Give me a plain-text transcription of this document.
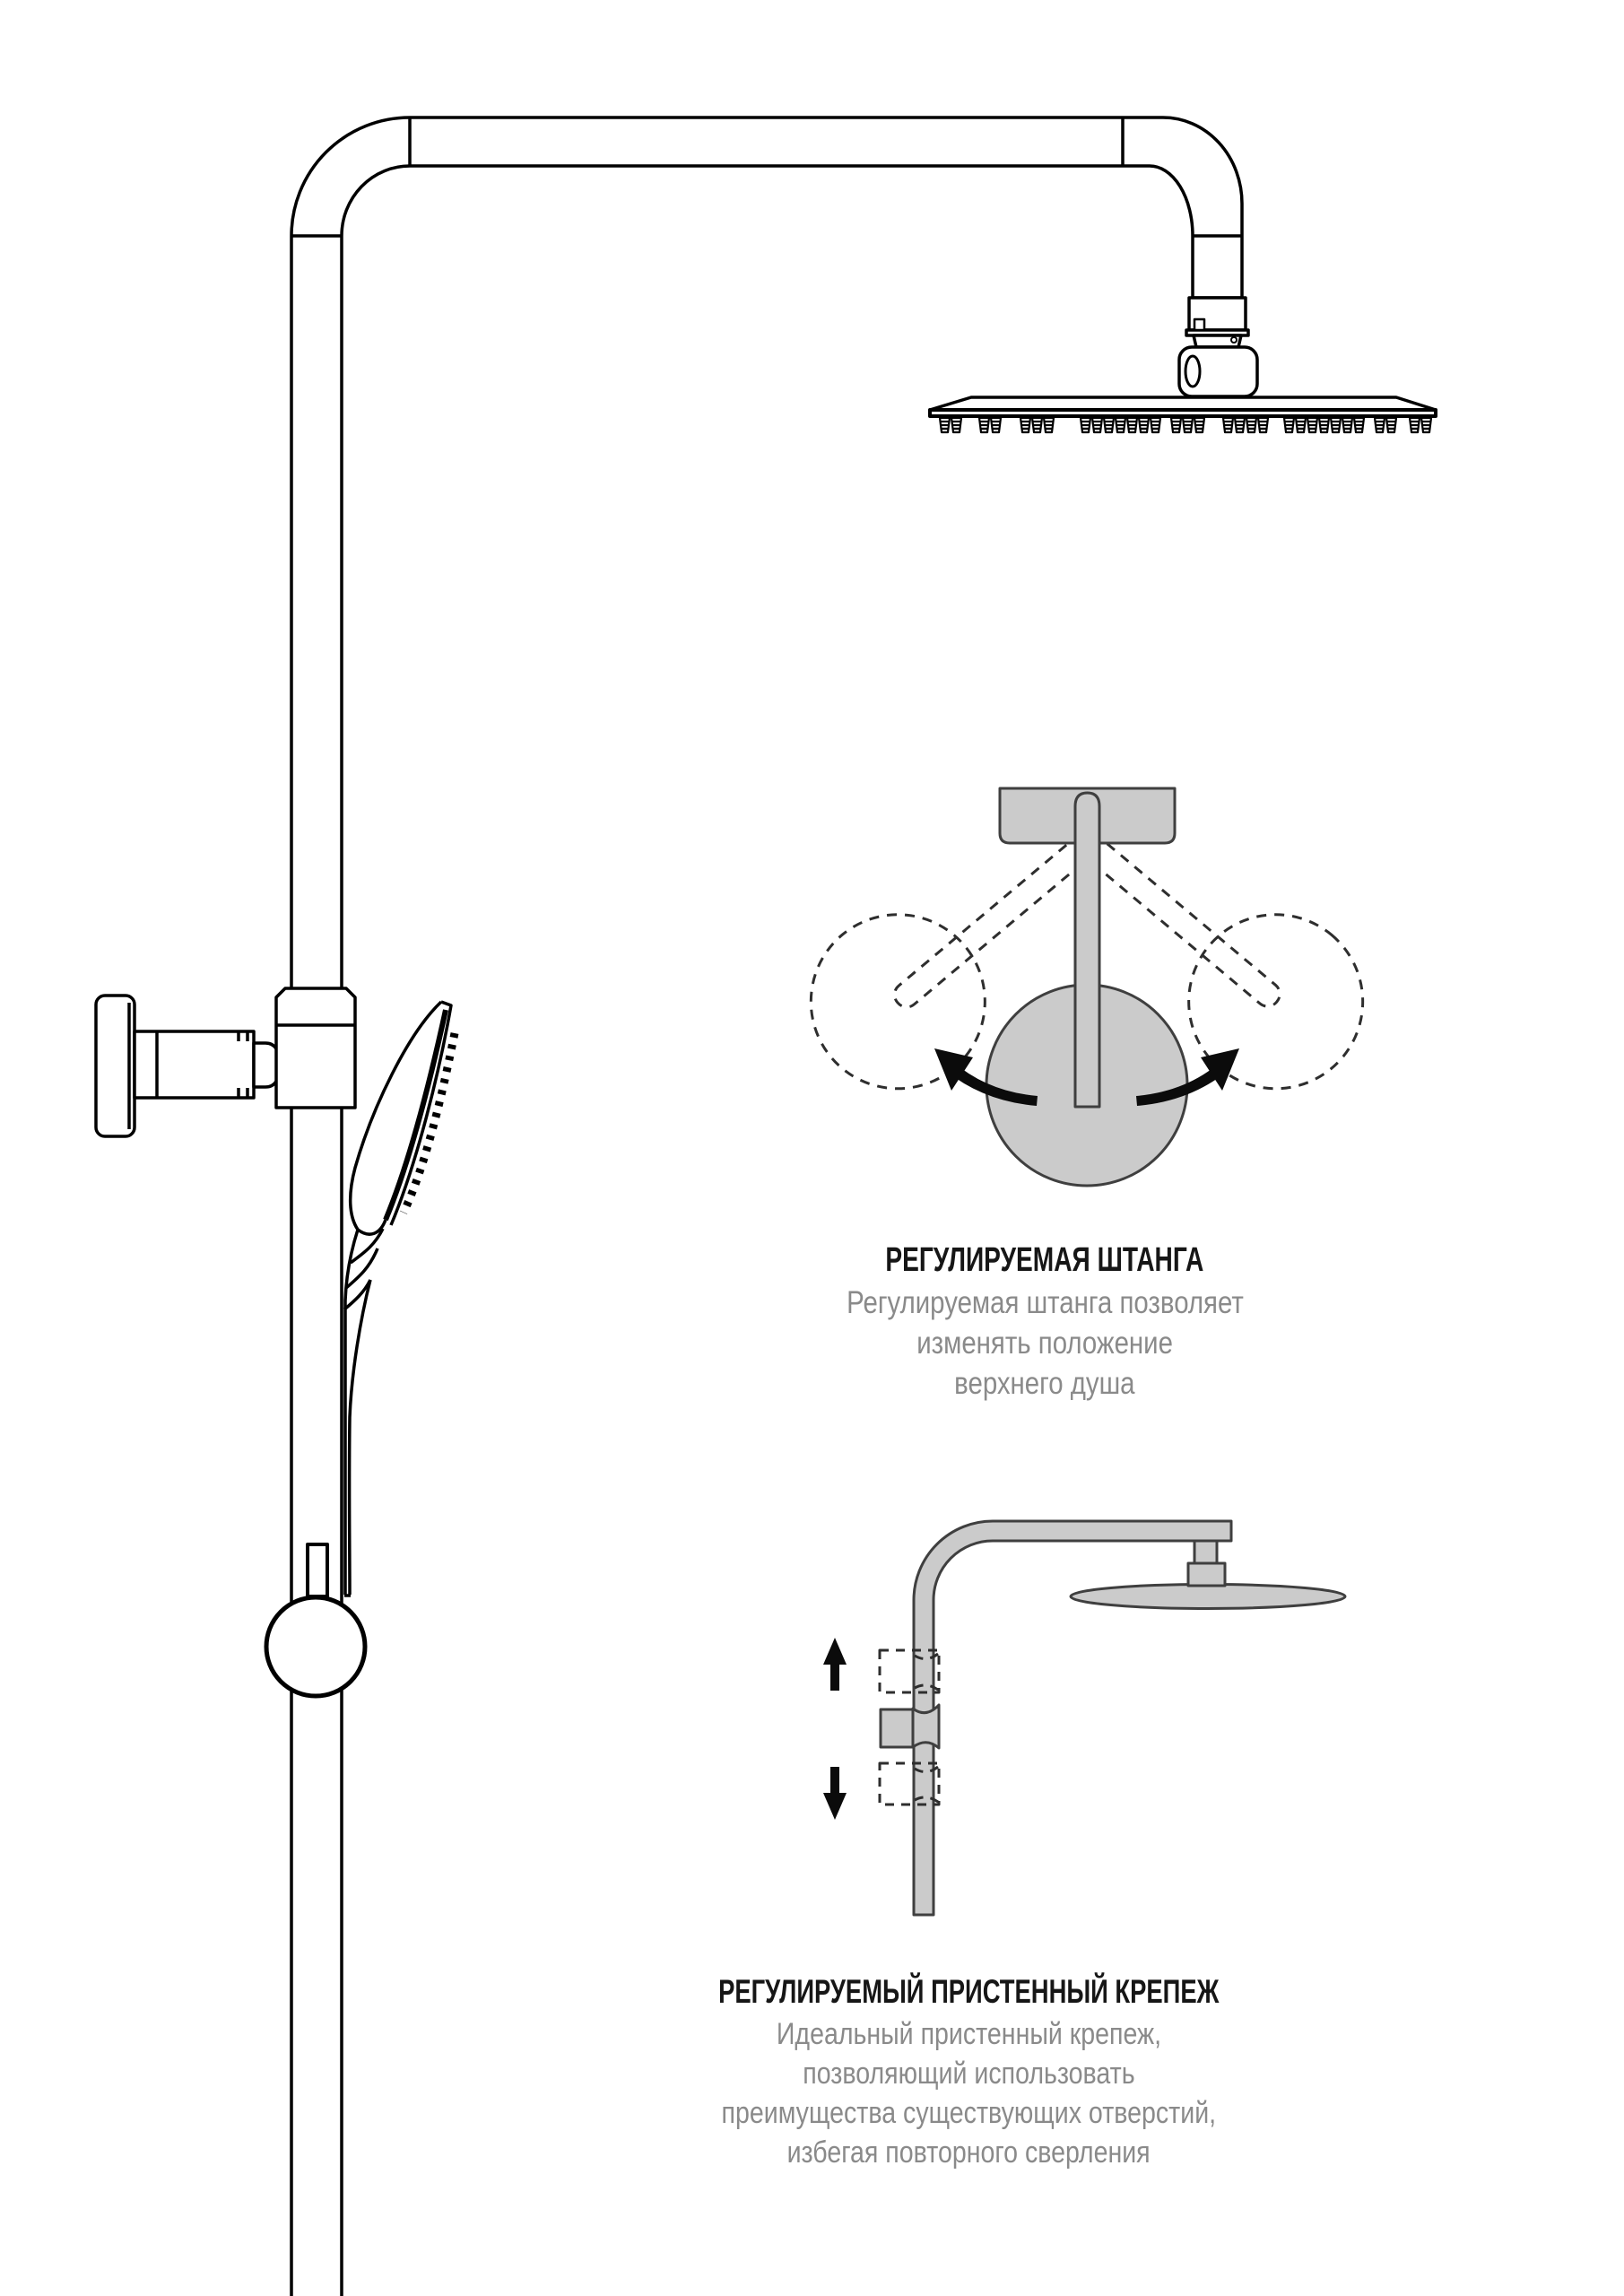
РЕГУЛИРУЕМАЯ ШТАНГА
Регулируемая штанга позволяет
изменять положение
верхнего душа
РЕГУЛИРУЕМЫЙ ПРИСТЕННЫЙ КРЕПЕЖ
Идеальный пристенный крепеж,
позволяющий использовать
преимущества существующих отверстий,
избегая повторного сверления
